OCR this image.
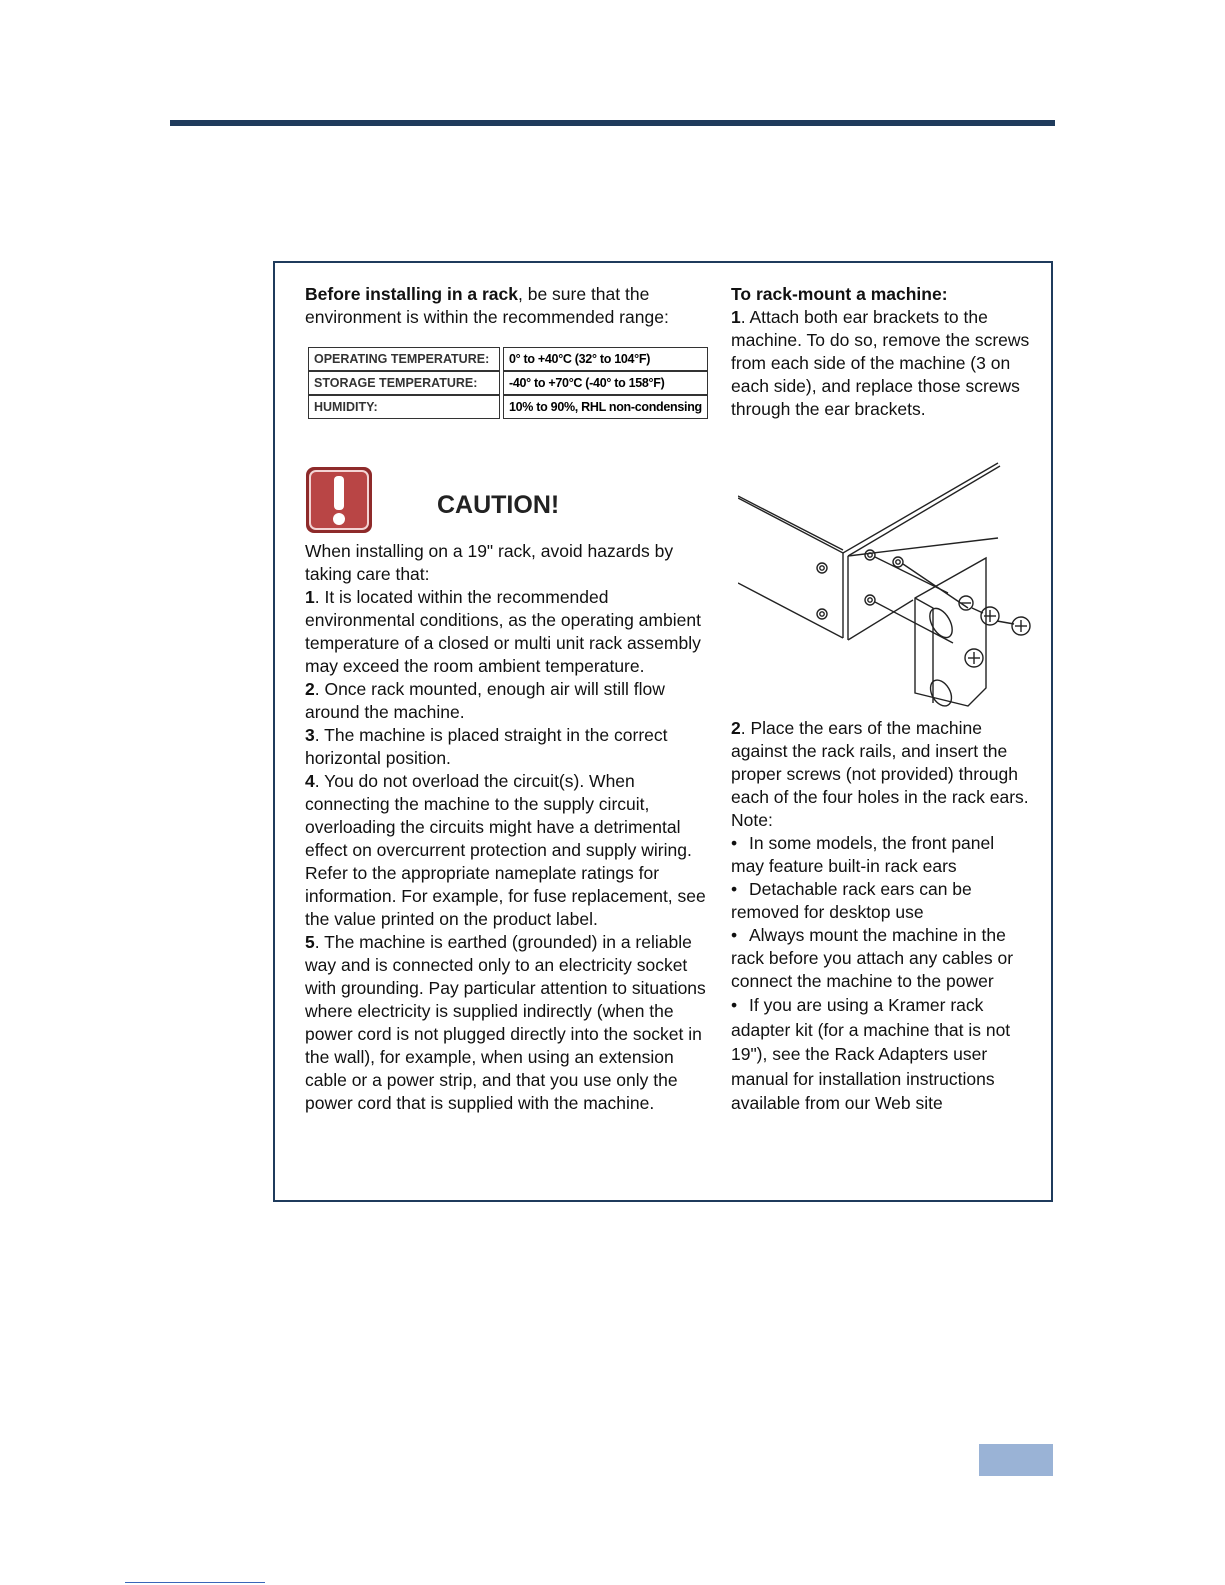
Before installing in a rack, be sure that the environment is within the recommended range:
OPERATING TEMPERATURE:	0° to +40°C (32° to 104°F)
STORAGE TEMPERATURE:	-40° to +70°C (-40° to 158°F)
HUMIDITY:	10% to 90%, RHL non-condensing
CAUTION!
When installing on a 19" rack, avoid hazards by taking care that:
1. It is located within the recommended environmental conditions, as the operating ambient temperature of a closed or multi unit rack assembly may exceed the room ambient temperature.
2. Once rack mounted, enough air will still flow around the machine.
3. The machine is placed straight in the correct horizontal position.
4. You do not overload the circuit(s). When connecting the machine to the supply circuit, overloading the circuits might have a detrimental effect on overcurrent protection and supply wiring. Refer to the appropriate nameplate ratings for information. For example, for fuse replacement, see the value printed on the product label.
5. The machine is earthed (grounded) in a reliable way and is connected only to an electricity socket with grounding. Pay particular attention to situations where electricity is supplied indirectly (when the power cord is not plugged directly into the socket in the wall), for example, when using an extension cable or a power strip, and that you use only the power cord that is supplied with the machine.
To rack-mount a machine:
1. Attach both ear brackets to the machine. To do so, remove the screws from each side of the machine (3 on each side), and replace those screws through the ear brackets.
2. Place the ears of the machine against the rack rails, and insert the proper screws (not provided) through each of the four holes in the rack ears.
Note:
• In some models, the front panel may feature built-in rack ears
• Detachable rack ears can be removed for desktop use
• Always mount the machine in the rack before you attach any cables or connect the machine to the power
• If you are using a Kramer rack adapter kit (for a machine that is not 19"), see the Rack Adapters user manual for installation instructions available from our Web site
